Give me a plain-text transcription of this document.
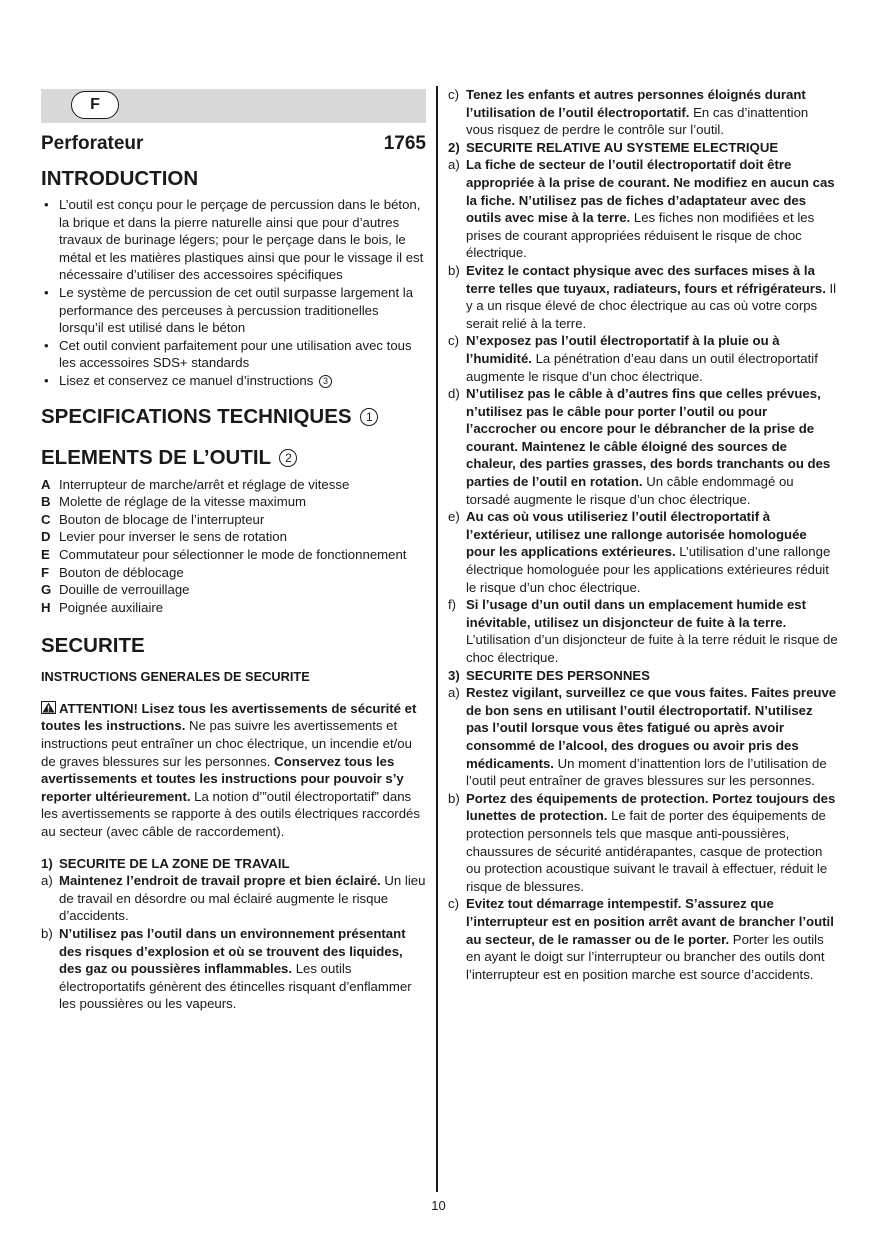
F
Perforateur	1765
INTRODUCTION
• L’outil est conçu pour le perçage de percussion dans le béton, la brique et dans la pierre naturelle ainsi que pour d’autres travaux de burinage légers; pour le perçage dans le bois, le métal et les matières plastiques ainsi que pour le vissage il est nécessaire d’utiliser des accessoires spécifiques
• Le système de percussion de cet outil surpasse largement la performance des perceuses à percussion traditionelles lorsqu’il est utilisé dans le béton
• Cet outil convient parfaitement pour une utilisation avec tous les accessoires SDS+ standards
• Lisez et conservez ce manuel d’instructions 3
SPECIFICATIONS TECHNIQUES 1
ELEMENTS DE L’OUTIL 2
A Interrupteur de marche/arrêt et réglage de vitesse
B Molette de réglage de la vitesse maximum
C Bouton de blocage de l’interrupteur
D Levier pour inverser le sens de rotation
E Commutateur pour sélectionner le mode de fonctionnement
F Bouton de déblocage
G Douille de verrouillage
H Poignée auxiliaire
SECURITE
INSTRUCTIONS GENERALES DE SECURITE

ATTENTION! Lisez tous les avertissements de sécurité et toutes les instructions. Ne pas suivre les avertissements et instructions peut entraîner un choc électrique, un incendie et/ou de graves blessures sur les personnes. Conservez tous les avertissements et toutes les instructions pour pouvoir s’y reporter ultérieurement. La notion d’”outil électroportatif” dans les avertissements se rapporte à des outils électriques raccordés au secteur (avec câble de raccordement).

1) SECURITE DE LA ZONE DE TRAVAIL
a) Maintenez l’endroit de travail propre et bien éclairé. Un lieu de travail en désordre ou mal éclairé augmente le risque d’accidents.
b) N’utilisez pas l’outil dans un environnement présentant des risques d’explosion et où se trouvent des liquides, des gaz ou poussières inflammables. Les outils électroportatifs génèrent des étincelles risquant d’enflammer les poussières ou les vapeurs.
c) Tenez les enfants et autres personnes éloignés durant l’utilisation de l’outil électroportatif. En cas d’inattention vous risquez de perdre le contrôle sur l’outil.
2) SECURITE RELATIVE AU SYSTEME ELECTRIQUE
a) La fiche de secteur de l’outil électroportatif doit être appropriée à la prise de courant. Ne modifiez en aucun cas la fiche. N’utilisez pas de fiches d’adaptateur avec des outils avec mise à la terre. Les fiches non modifiées et les prises de courant appropriées réduisent le risque de choc électrique.
b) Evitez le contact physique avec des surfaces mises à la terre telles que tuyaux, radiateurs, fours et réfrigérateurs. Il y a un risque élevé de choc électrique au cas où votre corps serait relié à la terre.
c) N’exposez pas l’outil électroportatif à la pluie ou à l’humidité. La pénétration d’eau dans un outil électroportatif augmente le risque d’un choc électrique.
d) N’utilisez pas le câble à d’autres fins que celles prévues, n’utilisez pas le câble pour porter l’outil ou pour l’accrocher ou encore pour le débrancher de la prise de courant. Maintenez le câble éloigné des sources de chaleur, des parties grasses, des bords tranchants ou des parties de l’outil en rotation. Un câble endommagé ou torsadé augmente le risque d’un choc électrique.
e) Au cas où vous utiliseriez l’outil électroportatif à l’extérieur, utilisez une rallonge autorisée homologuée pour les applications extérieures. L’utilisation d’une rallonge électrique homologuée pour les applications extérieures réduit le risque d’un choc électrique.
f) Si l’usage d’un outil dans un emplacement humide est inévitable, utilisez un disjoncteur de fuite à la terre. L’utilisation d’un disjoncteur de fuite à la terre réduit le risque de choc électrique.
3) SECURITE DES PERSONNES
a) Restez vigilant, surveillez ce que vous faites. Faites preuve de bon sens en utilisant l’outil électroportatif. N’utilisez pas l’outil lorsque vous êtes fatigué ou après avoir consommé de l’alcool, des drogues ou avoir pris des médicaments. Un moment d’inattention lors de l’utilisation de l’outil peut entraîner de graves blessures sur les personnes.
b) Portez des équipements de protection. Portez toujours des lunettes de protection. Le fait de porter des équipements de protection personnels tels que masque anti-poussières, chaussures de sécurité antidérapantes, casque de protection ou protection acoustique suivant le travail à effectuer, réduit le risque de blessures.
c) Evitez tout démarrage intempestif. S’assurez que l’interrupteur est en position arrêt avant de brancher l’outil au secteur, de le ramasser ou de le porter. Porter les outils en ayant le doigt sur l’interrupteur ou brancher des outils dont l’interrupteur est en position marche est source d’accidents.
10
